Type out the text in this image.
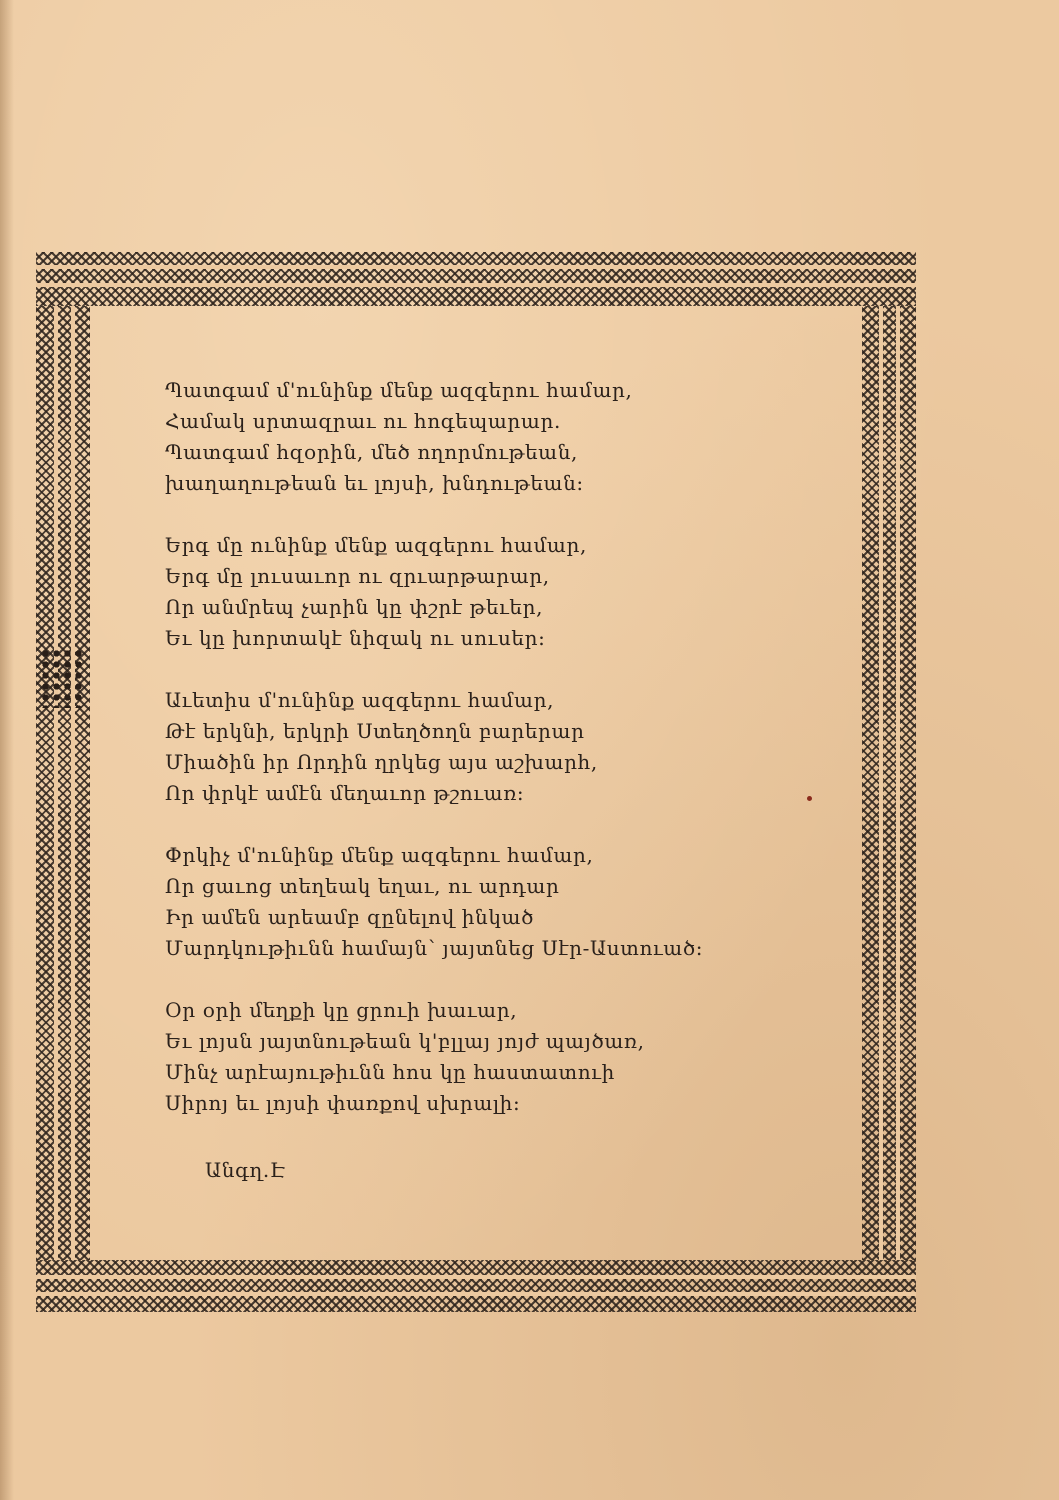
Պատգամ մ'ունինք մենք ազգերու համար,
Համակ սրտազրաւ ու հոգեպարար.
Պատգամ հզօրին, մեծ ողորմութեան,
խաղաղութեան եւ լոյսի, խնդութեան։
Երգ մը ունինք մենք ազգերու համար,
Երգ մը լուսաւոր ու զրւարթարար,
Որ անմրեպ չարին կը փշրէ թեւեր,
Եւ կը խորտակէ նիզակ ու սուսեր։
Աւետիս մ'ունինք ազգերու համար,
Թէ երկնի, երկրի Ստեղծողն բարերար
Միածին իր Որդին ղրկեց այս աշխարհ,
Որ փրկէ ամէն մեղաւոր թշուառ։
Փրկիչ մ'ունինք մենք ազգերու համար,
Որ ցաւոց տեղեակ եղաւ, ու արդար
Իր ամեն արեամբ զընելով ինկած
Մարդկութիւնն համայն՝ յայտնեց Սէր-Աստուած։
Օր օրի մեղքի կը ցրուի խաւար,
Եւ լոյսն յայտնութեան կ'բլլայ յոյժ պայծառ,
Մինչ արէայութիւնն հոս կը հաստատուի
Սիրոյ եւ լոյսի փառքով սխրալի։
Անգղ.Է
